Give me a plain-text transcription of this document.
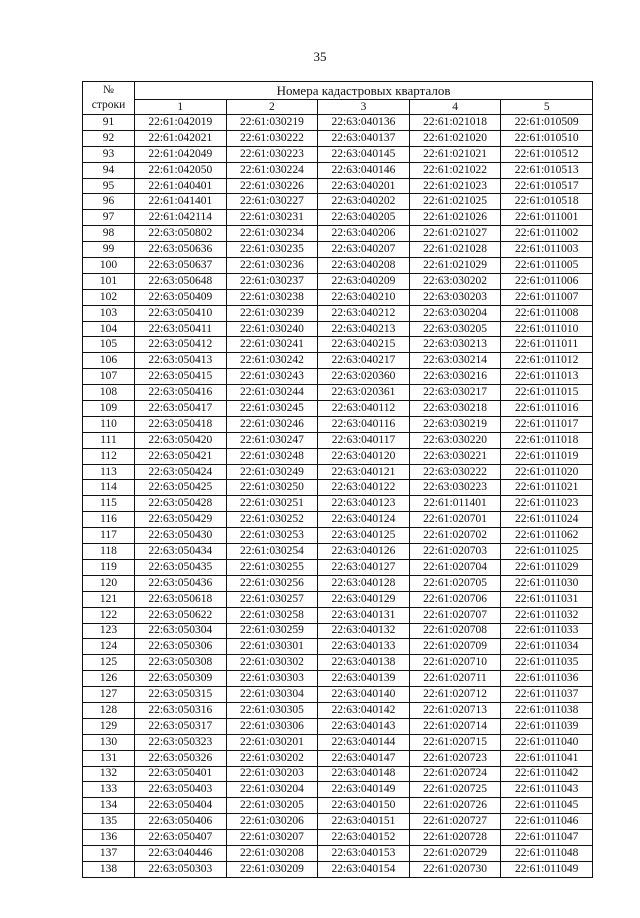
35
№
строки	Номера кадастровых кварталов				
	1	2	3	4	5
91	22:61:042019	22:61:030219	22:63:040136	22:61:021018	22:61:010509
92	22:61:042021	22:61:030222	22:63:040137	22:61:021020	22:61:010510
93	22:61:042049	22:61:030223	22:63:040145	22:61:021021	22:61:010512
94	22:61:042050	22:61:030224	22:63:040146	22:61:021022	22:61:010513
95	22:61:040401	22:61:030226	22:63:040201	22:61:021023	22:61:010517
96	22:61:041401	22:61:030227	22:63:040202	22:61:021025	22:61:010518
97	22:61:042114	22:61:030231	22:63:040205	22:61:021026	22:61:011001
98	22:63:050802	22:61:030234	22:63:040206	22:61:021027	22:61:011002
99	22:63:050636	22:61:030235	22:63:040207	22:61:021028	22:61:011003
100	22:63:050637	22:61:030236	22:63:040208	22:61:021029	22:61:011005
101	22:63:050648	22:61:030237	22:63:040209	22:63:030202	22:61:011006
102	22:63:050409	22:61:030238	22:63:040210	22:63:030203	22:61:011007
103	22:63:050410	22:61:030239	22:63:040212	22:63:030204	22:61:011008
104	22:63:050411	22:61:030240	22:63:040213	22:63:030205	22:61:011010
105	22:63:050412	22:61:030241	22:63:040215	22:63:030213	22:61:011011
106	22:63:050413	22:61:030242	22:63:040217	22:63:030214	22:61:011012
107	22:63:050415	22:61:030243	22:63:020360	22:63:030216	22:61:011013
108	22:63:050416	22:61:030244	22:63:020361	22:63:030217	22:61:011015
109	22:63:050417	22:61:030245	22:63:040112	22:63:030218	22:61:011016
110	22:63:050418	22:61:030246	22:63:040116	22:63:030219	22:61:011017
111	22:63:050420	22:61:030247	22:63:040117	22:63:030220	22:61:011018
112	22:63:050421	22:61:030248	22:63:040120	22:63:030221	22:61:011019
113	22:63:050424	22:61:030249	22:63:040121	22:63:030222	22:61:011020
114	22:63:050425	22:61:030250	22:63:040122	22:63:030223	22:61:011021
115	22:63:050428	22:61:030251	22:63:040123	22:61:011401	22:61:011023
116	22:63:050429	22:61:030252	22:63:040124	22:61:020701	22:61:011024
117	22:63:050430	22:61:030253	22:63:040125	22:61:020702	22:61:011062
118	22:63:050434	22:61:030254	22:63:040126	22:61:020703	22:61:011025
119	22:63:050435	22:61:030255	22:63:040127	22:61:020704	22:61:011029
120	22:63:050436	22:61:030256	22:63:040128	22:61:020705	22:61:011030
121	22:63:050618	22:61:030257	22:63:040129	22:61:020706	22:61:011031
122	22:63:050622	22:61:030258	22:63:040131	22:61:020707	22:61:011032
123	22:63:050304	22:61:030259	22:63:040132	22:61:020708	22:61:011033
124	22:63:050306	22:61:030301	22:63:040133	22:61:020709	22:61:011034
125	22:63:050308	22:61:030302	22:63:040138	22:61:020710	22:61:011035
126	22:63:050309	22:61:030303	22:63:040139	22:61:020711	22:61:011036
127	22:63:050315	22:61:030304	22:63:040140	22:61:020712	22:61:011037
128	22:63:050316	22:61:030305	22:63:040142	22:61:020713	22:61:011038
129	22:63:050317	22:61:030306	22:63:040143	22:61:020714	22:61:011039
130	22:63:050323	22:61:030201	22:63:040144	22:61:020715	22:61:011040
131	22:63:050326	22:61:030202	22:63:040147	22:61:020723	22:61:011041
132	22:63:050401	22:61:030203	22:63:040148	22:61:020724	22:61:011042
133	22:63:050403	22:61:030204	22:63:040149	22:61:020725	22:61:011043
134	22:63:050404	22:61:030205	22:63:040150	22:61:020726	22:61:011045
135	22:63:050406	22:61:030206	22:63:040151	22:61:020727	22:61:011046
136	22:63:050407	22:61:030207	22:63:040152	22:61:020728	22:61:011047
137	22:63:040446	22:61:030208	22:63:040153	22:61:020729	22:61:011048
138	22:63:050303	22:61:030209	22:63:040154	22:61:020730	22:61:011049
